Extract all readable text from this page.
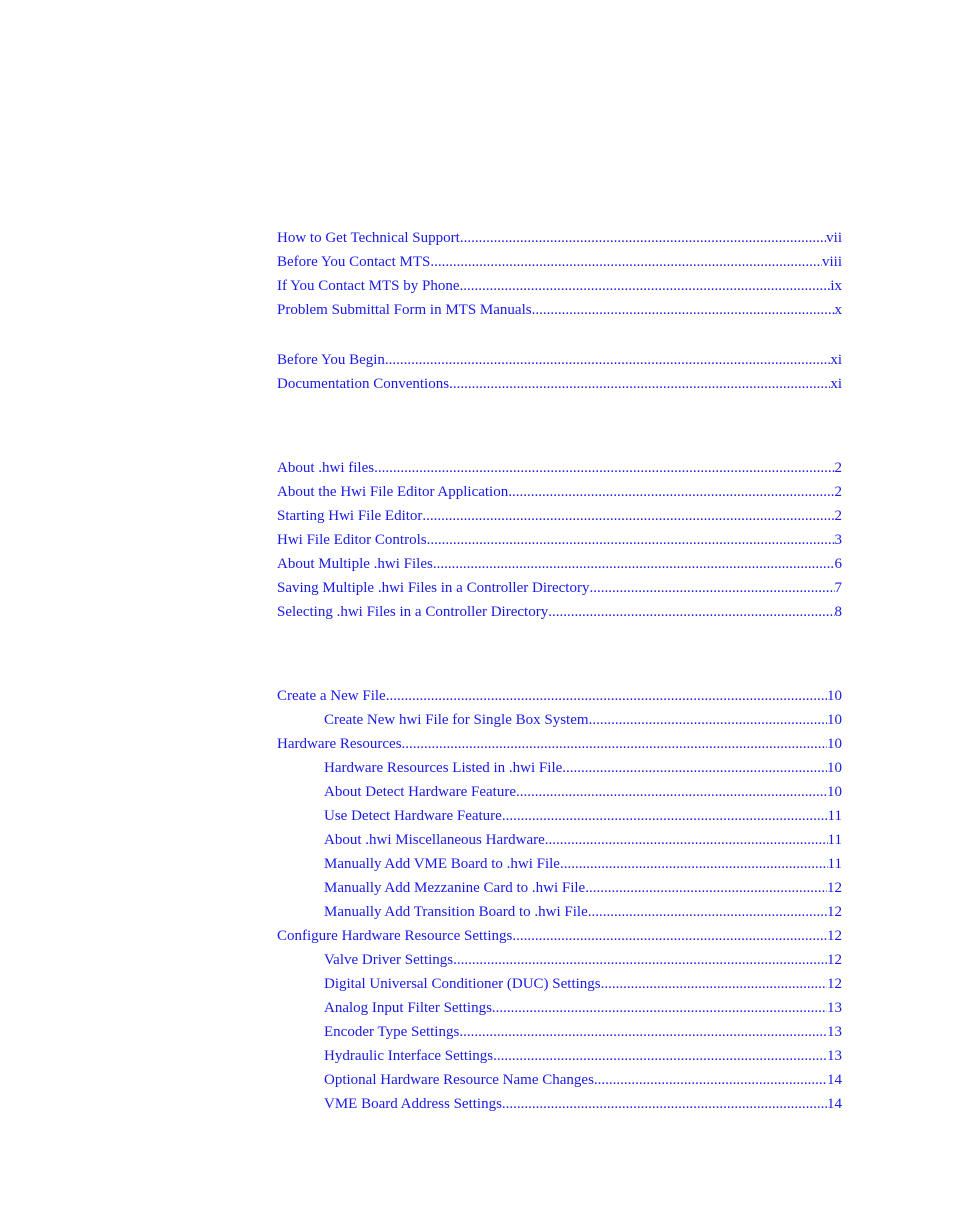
How to Get Technical Support .....	vii
Before You Contact MTS .....	viii
If You Contact MTS by Phone .....	ix
Problem Submittal Form in MTS Manuals .....	x
Before You Begin .....	xi
Documentation Conventions .....	xi
About .hwi files .....	2
About the Hwi File Editor Application .....	2
Starting Hwi File Editor .....	2
Hwi File Editor Controls .....	3
About Multiple .hwi Files .....	6
Saving Multiple .hwi Files in a Controller Directory .....	7
Selecting .hwi Files in a Controller Directory .....	8
Create a New File .....	10
Create New hwi File for Single Box System .....	10
Hardware Resources .....	10
Hardware Resources Listed in .hwi File .....	10
About Detect Hardware Feature .....	10
Use Detect Hardware Feature .....	11
About .hwi Miscellaneous Hardware .....	11
Manually Add VME Board to .hwi File .....	11
Manually Add Mezzanine Card to .hwi File .....	12
Manually Add Transition Board to .hwi File .....	12
Configure Hardware Resource Settings .....	12
Valve Driver Settings .....	12
Digital Universal Conditioner (DUC) Settings .....	12
Analog Input Filter Settings .....	13
Encoder Type Settings .....	13
Hydraulic Interface Settings .....	13
Optional Hardware Resource Name Changes .....	14
VME Board Address Settings .....	14
